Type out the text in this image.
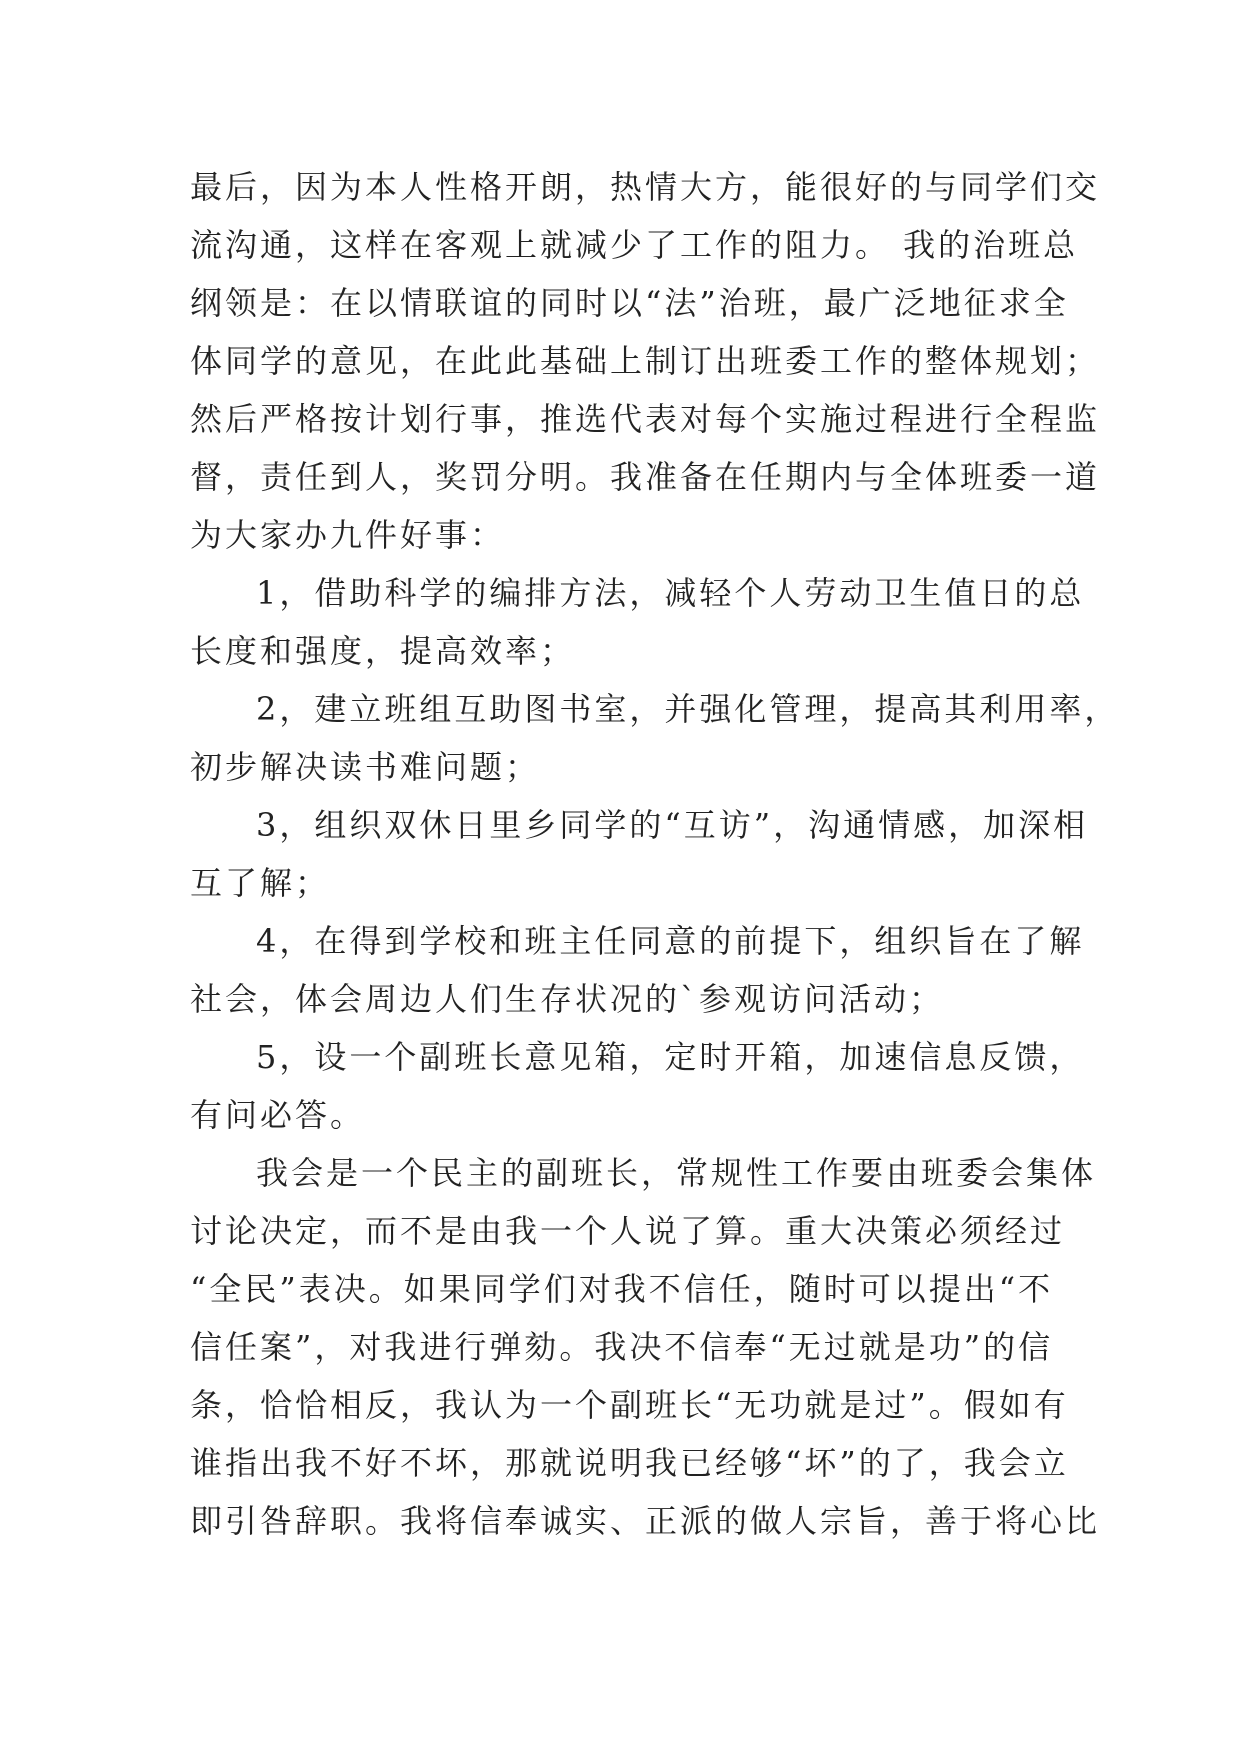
最后，因为本人性格开朗，热情大方，能很好的与同学们交
流沟通，这样在客观上就减少了工作的阻力。 我的治班总
纲领是：在以情联谊的同时以“法”治班，最广泛地征求全
体同学的意见，在此此基础上制订出班委工作的整体规划；
然后严格按计划行事，推选代表对每个实施过程进行全程监
督，责任到人，奖罚分明。我准备在任期内与全体班委一道
为大家办九件好事：
1，借助科学的编排方法，减轻个人劳动卫生值日的总
长度和强度，提高效率；
2，建立班组互助图书室，并强化管理，提高其利用率，
初步解决读书难问题；
3，组织双休日里乡同学的“互访”，沟通情感，加深相
互了解；
4，在得到学校和班主任同意的前提下，组织旨在了解
社会，体会周边人们生存状况的`参观访问活动；
5，设一个副班长意见箱，定时开箱，加速信息反馈，
有问必答。
我会是一个民主的副班长，常规性工作要由班委会集体
讨论决定，而不是由我一个人说了算。重大决策必须经过
“全民”表决。如果同学们对我不信任，随时可以提出“不
信任案”，对我进行弹劾。我决不信奉“无过就是功”的信
条，恰恰相反，我认为一个副班长“无功就是过”。假如有
谁指出我不好不坏，那就说明我已经够“坏”的了，我会立
即引咎辞职。我将信奉诚实、正派的做人宗旨，善于将心比
